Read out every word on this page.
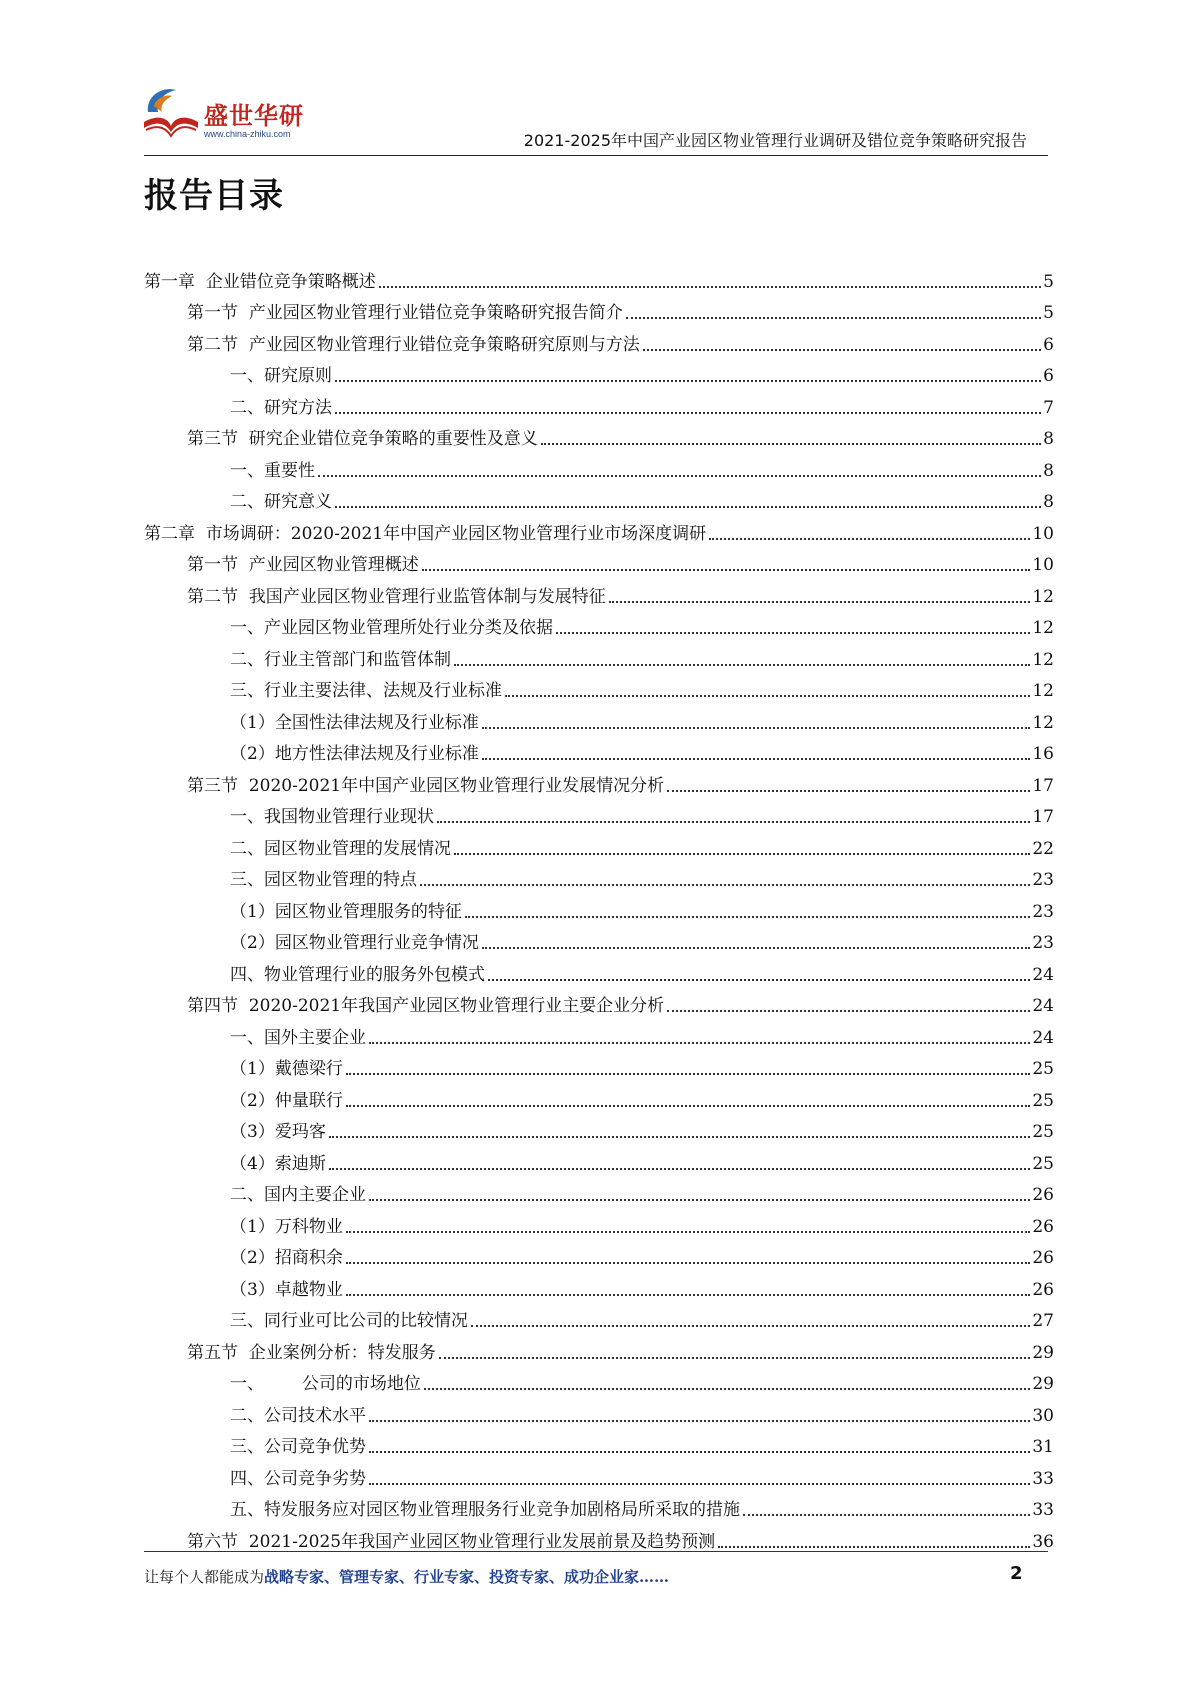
盛世华研
www.china-zhiku.com	2021-2025年中国产业园区物业管理行业调研及错位竞争策略研究报告
报告目录
第一章  企业错位竞争策略概述	5
第一节  产业园区物业管理行业错位竞争策略研究报告简介	5
第二节  产业园区物业管理行业错位竞争策略研究原则与方法	6
一、研究原则	6
二、研究方法	7
第三节  研究企业错位竞争策略的重要性及意义	8
一、重要性	8
二、研究意义	8
第二章  市场调研：2020-2021年中国产业园区物业管理行业市场深度调研	10
第一节  产业园区物业管理概述	10
第二节  我国产业园区物业管理行业监管体制与发展特征	12
一、产业园区物业管理所处行业分类及依据	12
二、行业主管部门和监管体制	12
三、行业主要法律、法规及行业标准	12
（1）全国性法律法规及行业标准	12
（2）地方性法律法规及行业标准	16
第三节  2020-2021年中国产业园区物业管理行业发展情况分析	17
一、我国物业管理行业现状	17
二、园区物业管理的发展情况	22
三、园区物业管理的特点	23
（1）园区物业管理服务的特征	23
（2）园区物业管理行业竞争情况	23
四、物业管理行业的服务外包模式	24
第四节  2020-2021年我国产业园区物业管理行业主要企业分析	24
一、国外主要企业	24
（1）戴德梁行	25
（2）仲量联行	25
（3）爱玛客	25
（4）索迪斯	25
二、国内主要企业	26
（1）万科物业	26
（2）招商积余	26
（3）卓越物业	26
三、同行业可比公司的比较情况	27
第五节  企业案例分析：特发服务	29
一、       公司的市场地位	29
二、公司技术水平	30
三、公司竞争优势	31
四、公司竞争劣势	33
五、特发服务应对园区物业管理服务行业竞争加剧格局所采取的措施	33
第六节  2021-2025年我国产业园区物业管理行业发展前景及趋势预测	36
让每个人都能成为战略专家、管理专家、行业专家、投资专家、成功企业家……	2
